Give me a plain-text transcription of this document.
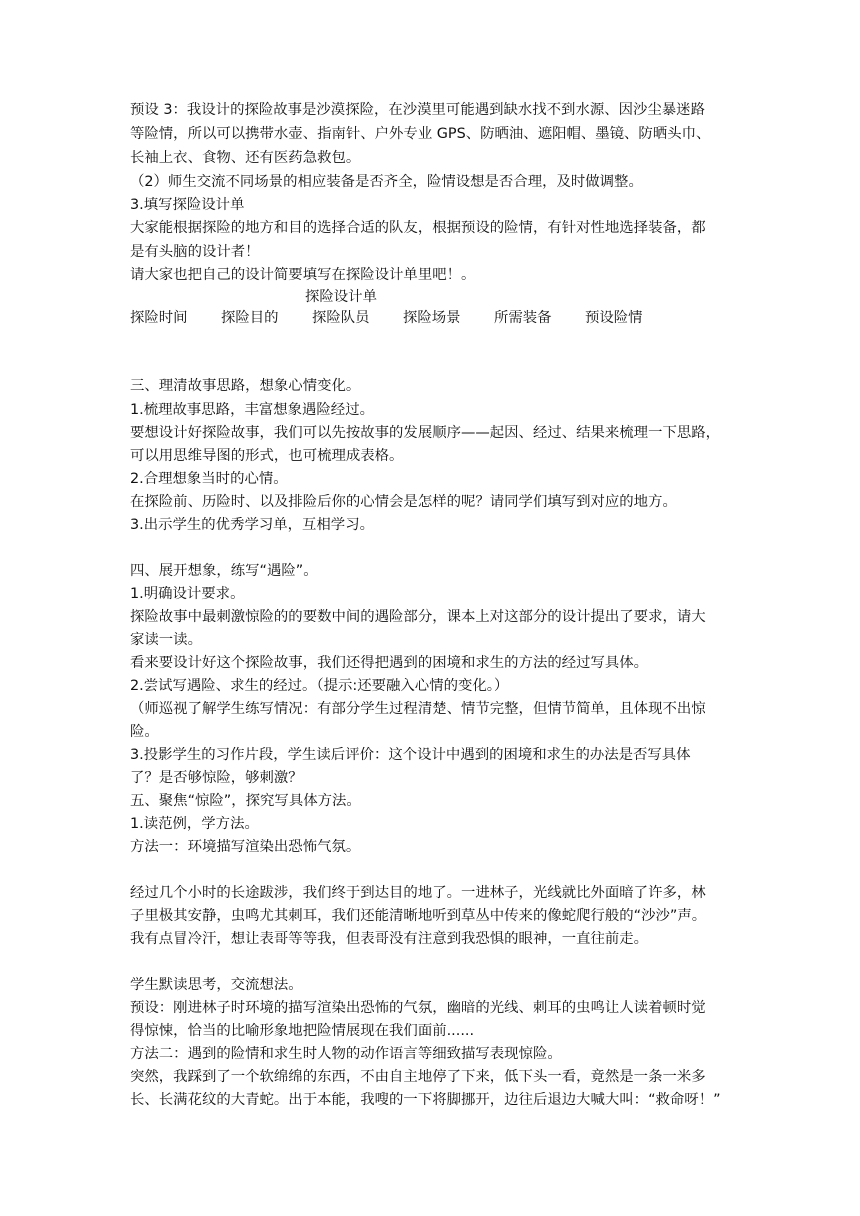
预设 3：我设计的探险故事是沙漠探险，在沙漠里可能遇到缺水找不到水源、因沙尘暴迷路
等险情，所以可以携带水壶、指南针、户外专业 GPS、防晒油、遮阳帽、墨镜、防晒头巾、
长袖上衣、食物、还有医药急救包。
（2）师生交流不同场景的相应装备是否齐全，险情设想是否合理，及时做调整。
3.填写探险设计单
大家能根据探险的地方和目的选择合适的队友，根据预设的险情，有针对性地选择装备，都
是有头脑的设计者！
请大家也把自己的设计简要填写在探险设计单里吧！。
探险设计单
探险时间 探险目的 探险队员 探险场景 所需装备 预设险情
三、理清故事思路，想象心情变化。
1.梳理故事思路，丰富想象遇险经过。
要想设计好探险故事，我们可以先按故事的发展顺序——起因、经过、结果来梳理一下思路，
可以用思维导图的形式，也可梳理成表格。
2.合理想象当时的心情。
在探险前、历险时、以及排险后你的心情会是怎样的呢？请同学们填写到对应的地方。
3.出示学生的优秀学习单，互相学习。
四、展开想象，练写“遇险”。
1.明确设计要求。
探险故事中最刺激惊险的的要数中间的遇险部分，课本上对这部分的设计提出了要求，请大
家读一读。
看来要设计好这个探险故事，我们还得把遇到的困境和求生的方法的经过写具体。
2.尝试写遇险、求生的经过。（提示:还要融入心情的变化。）
（师巡视了解学生练写情况：有部分学生过程清楚、情节完整，但情节简单，且体现不出惊
险。
3.投影学生的习作片段，学生读后评价：这个设计中遇到的困境和求生的办法是否写具体
了？是否够惊险，够刺激？
五、聚焦“惊险”，探究写具体方法。
1.读范例，学方法。
方法一：环境描写渲染出恐怖气氛。
经过几个小时的长途跋涉，我们终于到达目的地了。一进林子，光线就比外面暗了许多，林
子里极其安静，虫鸣尤其刺耳，我们还能清晰地听到草丛中传来的像蛇爬行般的“沙沙”声。
我有点冒冷汗，想让表哥等等我，但表哥没有注意到我恐惧的眼神，一直往前走。
学生默读思考，交流想法。
预设：刚进林子时环境的描写渲染出恐怖的气氛，幽暗的光线、刺耳的虫鸣让人读着顿时觉
得惊悚，恰当的比喻形象地把险情展现在我们面前......
方法二：遇到的险情和求生时人物的动作语言等细致描写表现惊险。
突然，我踩到了一个软绵绵的东西，不由自主地停了下来，低下头一看，竟然是一条一米多
长、长满花纹的大青蛇。出于本能，我嗖的一下将脚挪开，边往后退边大喊大叫：“救命呀！”
